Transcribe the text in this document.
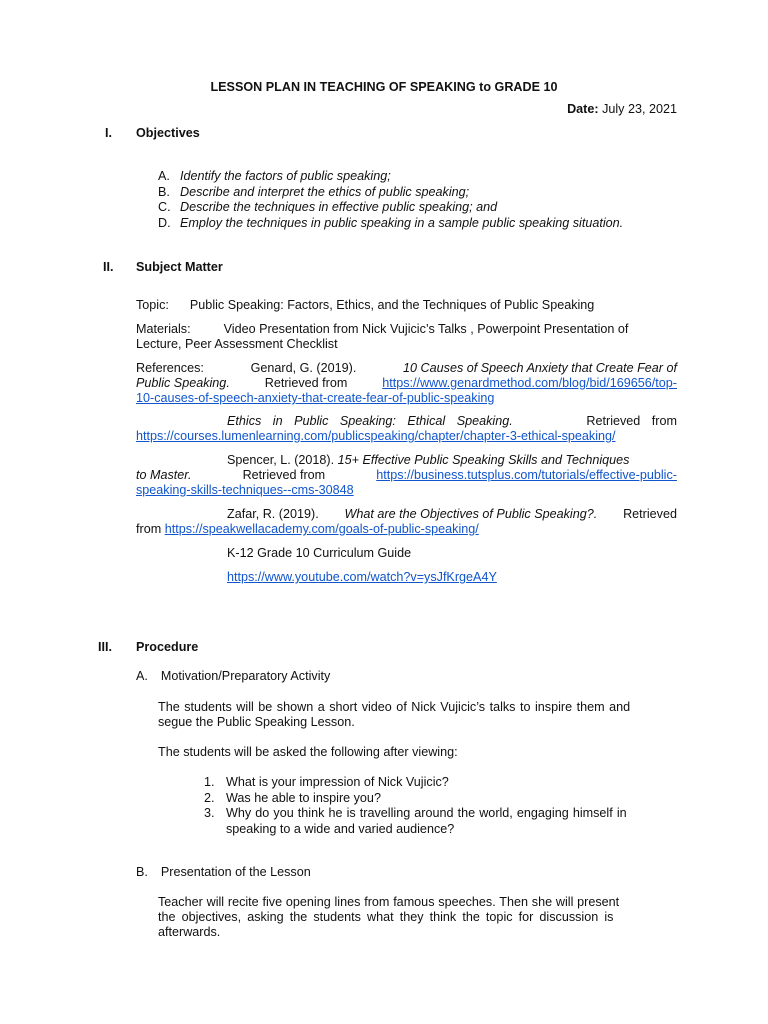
LESSON PLAN IN TEACHING OF SPEAKING to GRADE 10
Date: July 23, 2021
I. Objectives
A. Identify the factors of public speaking;
B. Describe and interpret the ethics of public speaking;
C. Describe the techniques in effective public speaking; and
D. Employ the techniques in public speaking in a sample public speaking situation.
II. Subject Matter
Topic: Public Speaking: Factors, Ethics, and the Techniques of Public Speaking
Materials:	Video Presentation from Nick Vujicic’s Talks , Powerpoint Presentation of
Lecture, Peer Assessment Checklist
References:	Genard, G. (2019).	10 Causes of Speech Anxiety that Create Fear of
Public Speaking.	Retrieved from	https://www.genardmethod.com/blog/bid/169656/top-
10-causes-of-speech-anxiety-that-create-fear-of-public-speaking
Ethics in Public Speaking: Ethical Speaking.	Retrieved from
https://courses.lumenlearning.com/publicspeaking/chapter/chapter-3-ethical-speaking/
Spencer, L. (2018). 15+ Effective Public Speaking Skills and Techniques
to Master.	Retrieved from	https://business.tutsplus.com/tutorials/effective-public-
speaking-skills-techniques--cms-30848
Zafar, R. (2019). What are the Objectives of Public Speaking?. Retrieved
from https://speakwellacademy.com/goals-of-public-speaking/
K-12 Grade 10 Curriculum Guide
https://www.youtube.com/watch?v=ysJfKrgeA4Y
III. Procedure
A. Motivation/Preparatory Activity
The students will be shown a short video of Nick Vujicic’s talks to inspire them and
segue the Public Speaking Lesson.
The students will be asked the following after viewing:
1. What is your impression of Nick Vujicic?
2. Was he able to inspire you?
3. Why do you think he is travelling around the world, engaging himself in
speaking to a wide and varied audience?
B. Presentation of the Lesson
Teacher will recite five opening lines from famous speeches. Then she will present
the objectives, asking the students what they think the topic for discussion is
afterwards.
